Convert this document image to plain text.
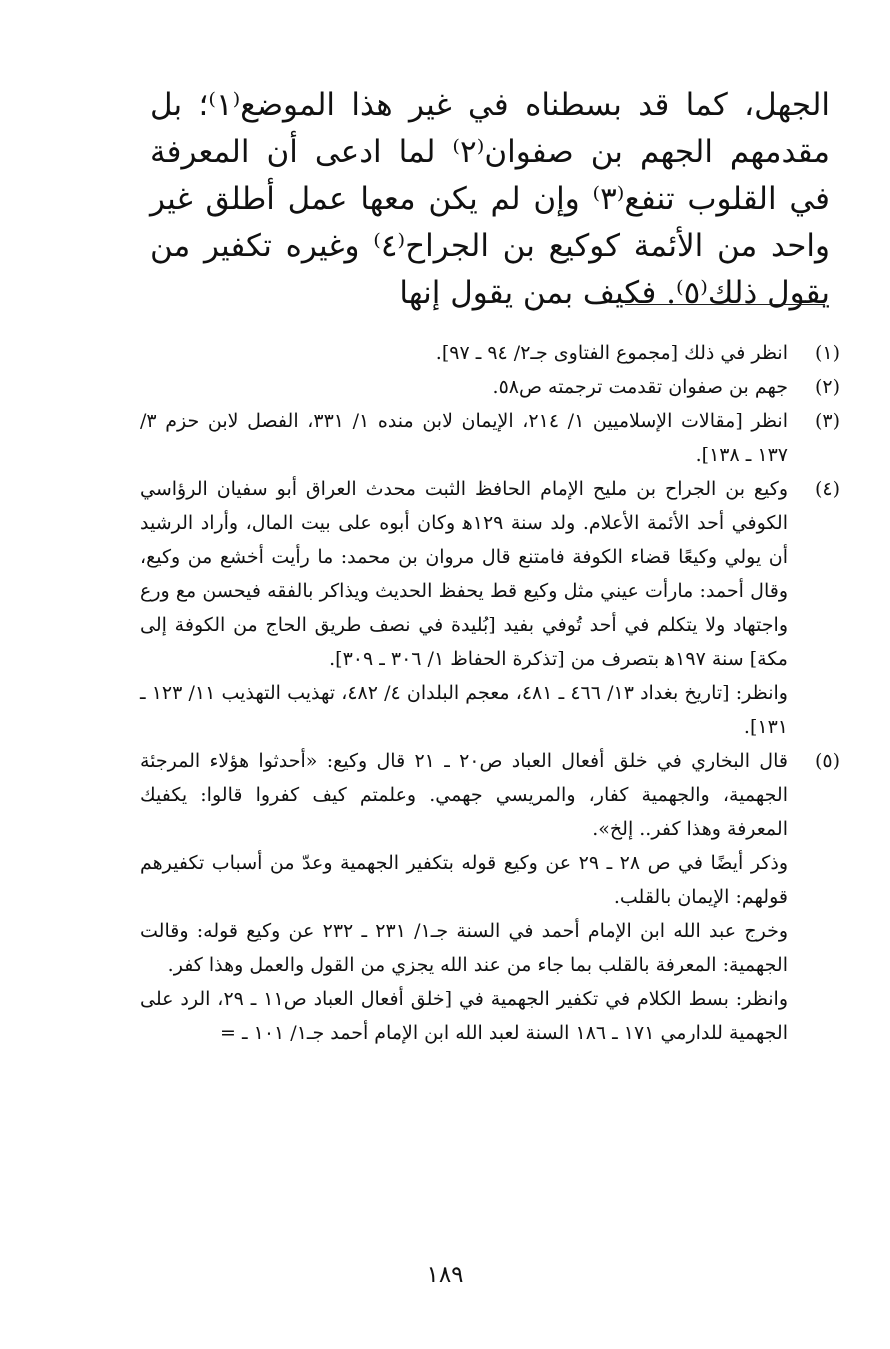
الجهل، كما قد بسطناه في غير هذا الموضع⁽١⁾؛ بل مقدمهم الجهم بن صفوان⁽٢⁾ لما ادعى أن المعرفة في القلوب تنفع⁽٣⁾ وإن لم يكن معها عمل أطلق غير واحد من الأئمة كوكيع بن الجراح⁽٤⁾ وغيره تكفير من يقول ذلك⁽٥⁾. فكيف بمن يقول إنها

(١)

انظر في ذلك [مجموع الفتاوى جـ٢/ ٩٤ ـ ٩٧].

(٢)

جهم بن صفوان تقدمت ترجمته ص٥٨.

(٣)

انظر [مقالات الإسلاميين ١/ ٢١٤، الإيمان لابن منده ١/ ٣٣١، الفصل لابن حزم ٣/ ١٣٧ ـ ١٣٨].

(٤)

وكيع بن الجراح بن مليح الإمام الحافظ الثبت محدث العراق أبو سفيان الرؤاسي الكوفي أحد الأئمة الأعلام. ولد سنة ١٢٩ﻫ وكان أبوه على بيت المال، وأراد الرشيد أن يولي وكيعًا قضاء الكوفة فامتنع قال مروان بن محمد: ما رأيت أخشع من وكيع، وقال أحمد: مارأت عيني مثل وكيع قط يحفظ الحديث ويذاكر بالفقه فيحسن مع ورع واجتهاد ولا يتكلم في أحد تُوفي بفيد [بُليدة في نصف طريق الحاج من الكوفة إلى مكة] سنة ١٩٧ﻫ بتصرف من [تذكرة الحفاظ ١/ ٣٠٦ ـ ٣٠٩].

وانظر: [تاريخ بغداد ١٣/ ٤٦٦ ـ ٤٨١، معجم البلدان ٤/ ٤٨٢، تهذيب التهذيب ١١/ ١٢٣ ـ ١٣١].

(٥)

قال البخاري في خلق أفعال العباد ص٢٠ ـ ٢١ قال وكيع: «أحدثوا هؤلاء المرجئة الجهمية، والجهمية كفار، والمريسي جهمي. وعلمتم كيف كفروا قالوا: يكفيك المعرفة وهذا كفر.. إلخ».

وذكر أيضًا في ص ٢٨ ـ ٢٩ عن وكيع قوله بتكفير الجهمية وعدّ من أسباب تكفيرهم قولهم: الإيمان بالقلب.

وخرج عبد الله ابن الإمام أحمد في السنة جـ١/ ٢٣١ ـ ٢٣٢ عن وكيع قوله: وقالت الجهمية: المعرفة بالقلب بما جاء من عند الله يجزي من القول والعمل وهذا كفر.

وانظر: بسط الكلام في تكفير الجهمية في [خلق أفعال العباد ص١١ ـ ٢٩، الرد على الجهمية للدارمي ١٧١ ـ ١٨٦ السنة لعبد الله ابن الإمام أحمد جـ١/ ١٠١ ـ =

١٨٩
